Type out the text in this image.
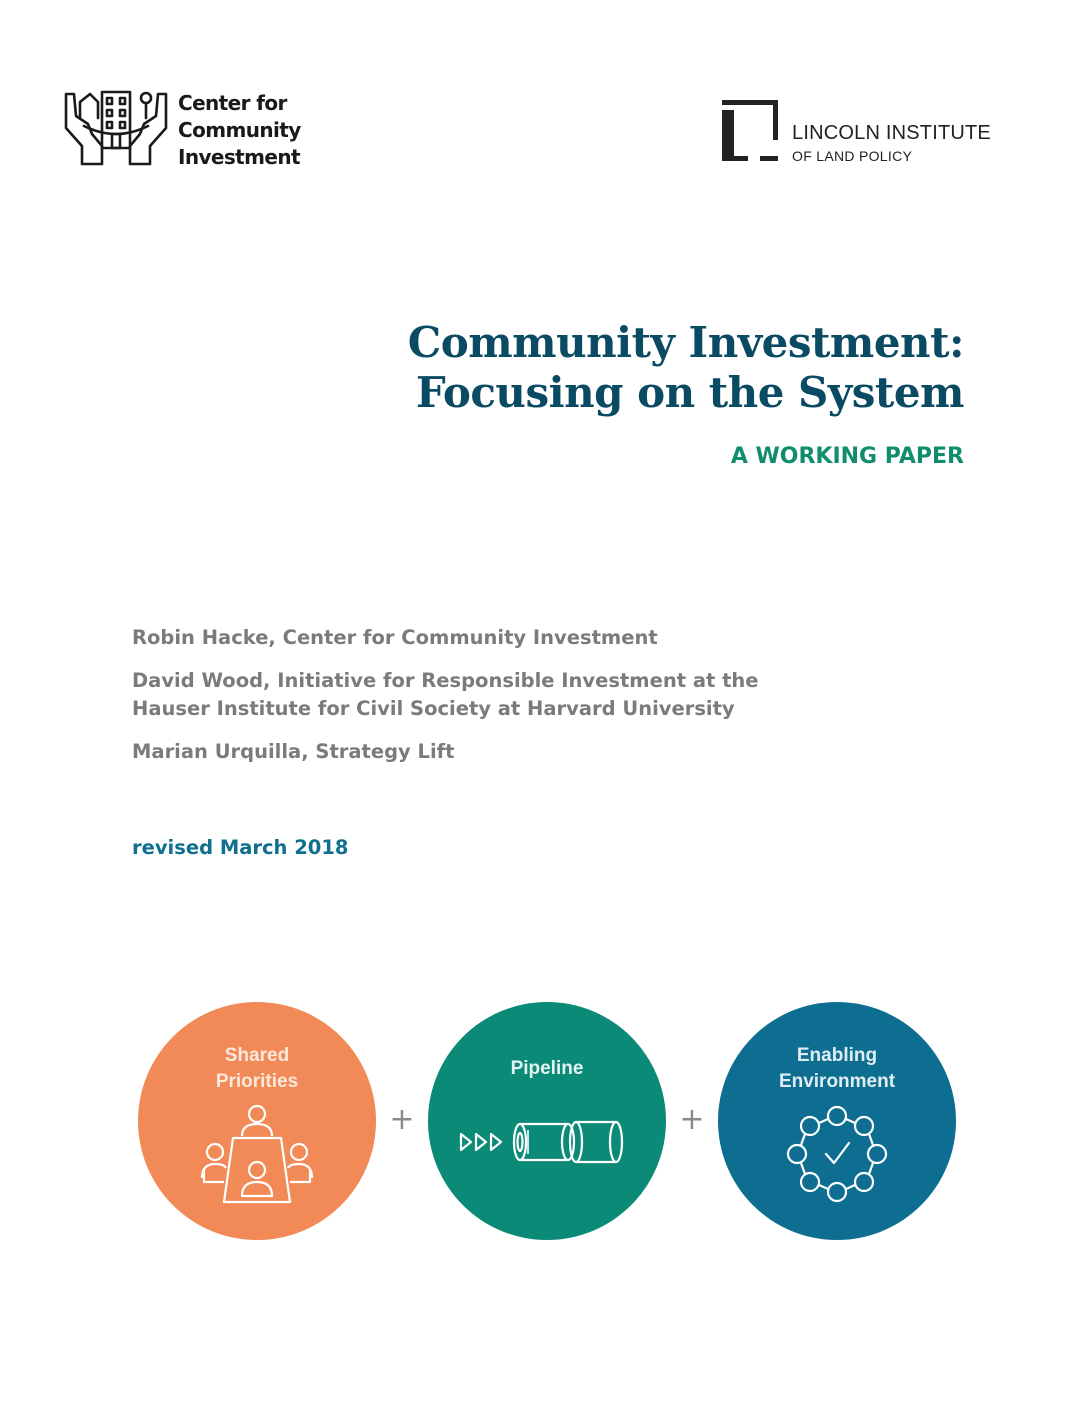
Center for
Community
Investment
LINCOLN INSTITUTE
OF LAND POLICY
Community Investment:
Focusing on the System
A WORKING PAPER
Robin Hacke, Center for Community Investment
David Wood, Initiative for Responsible Investment at the
Hauser Institute for Civil Society at Harvard University
Marian Urquilla, Strategy Lift
revised March 2018
Shared
Priorities
+
Pipeline
+
Enabling
Environment
